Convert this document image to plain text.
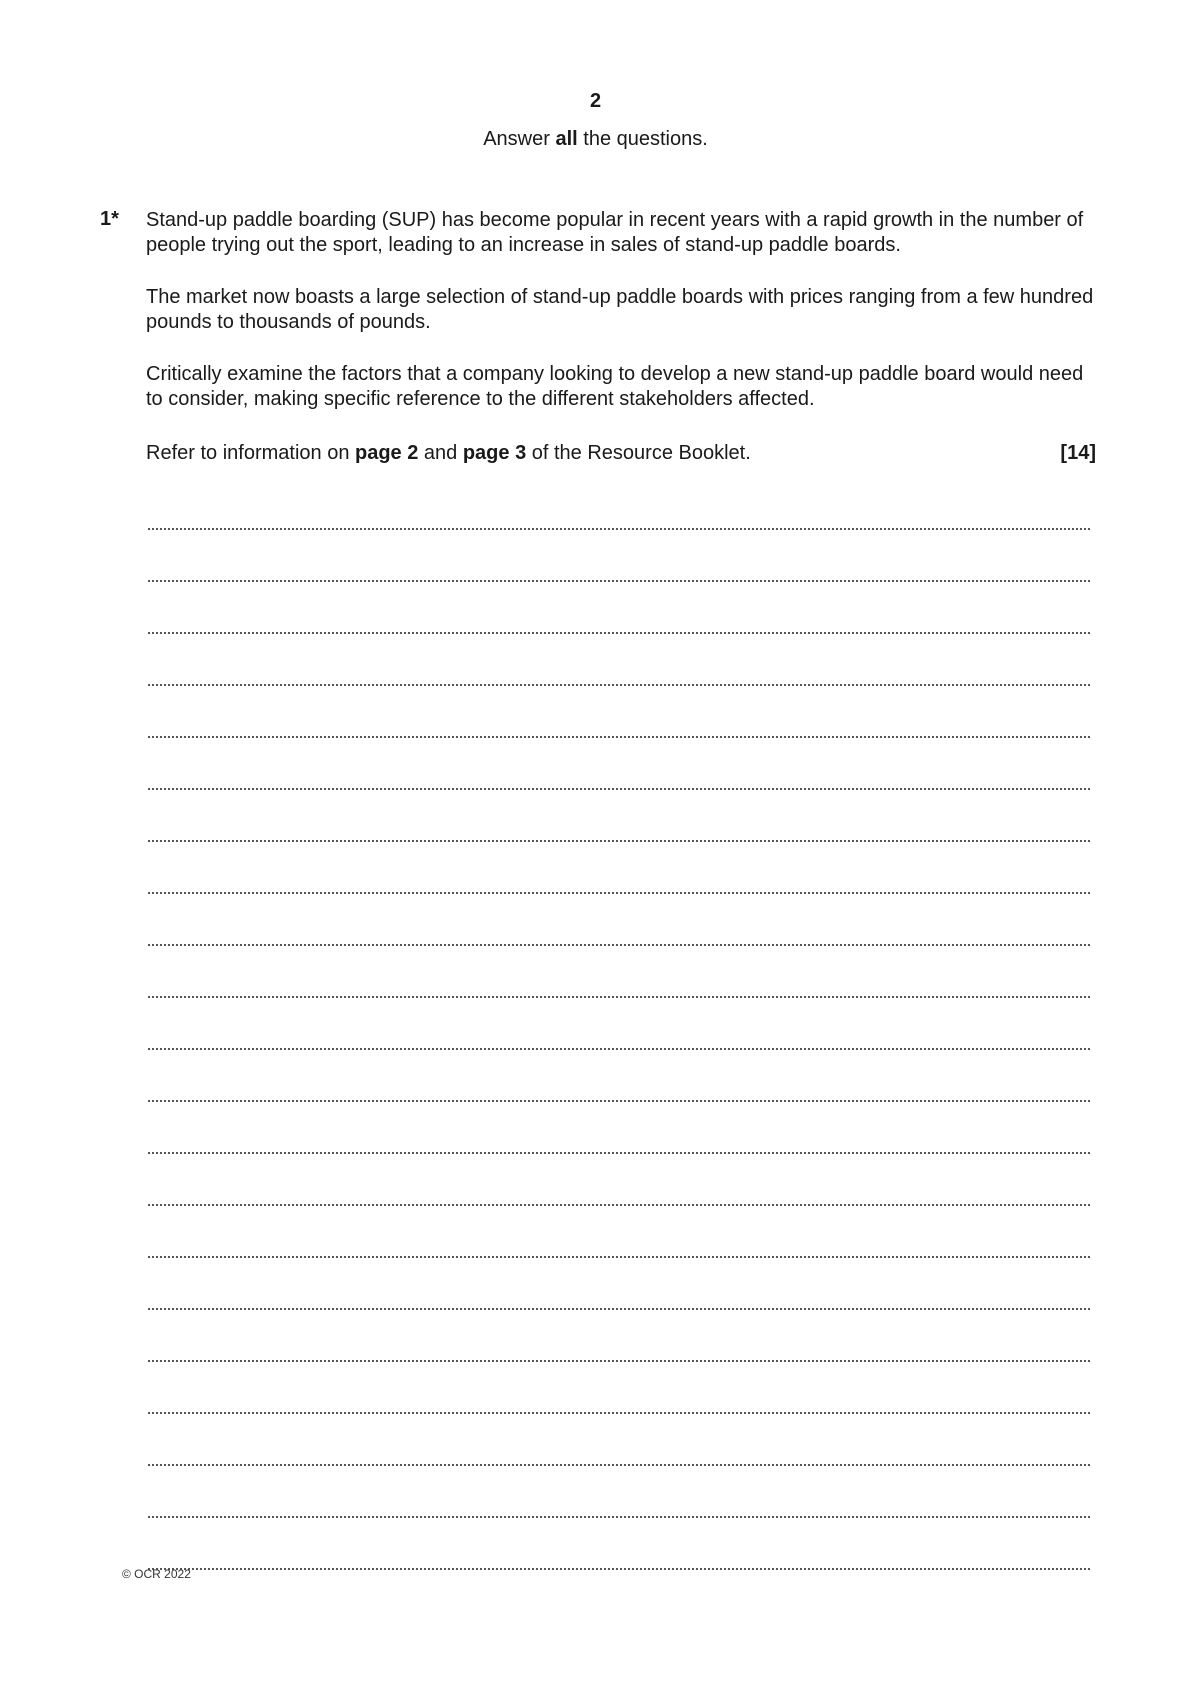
2
Answer all the questions.
1* Stand-up paddle boarding (SUP) has become popular in recent years with a rapid growth in the number of people trying out the sport, leading to an increase in sales of stand-up paddle boards.

The market now boasts a large selection of stand-up paddle boards with prices ranging from a few hundred pounds to thousands of pounds.

Critically examine the factors that a company looking to develop a new stand-up paddle board would need to consider, making specific reference to the different stakeholders affected.

Refer to information on page 2 and page 3 of the Resource Booklet.	[14]
© OCR 2022
